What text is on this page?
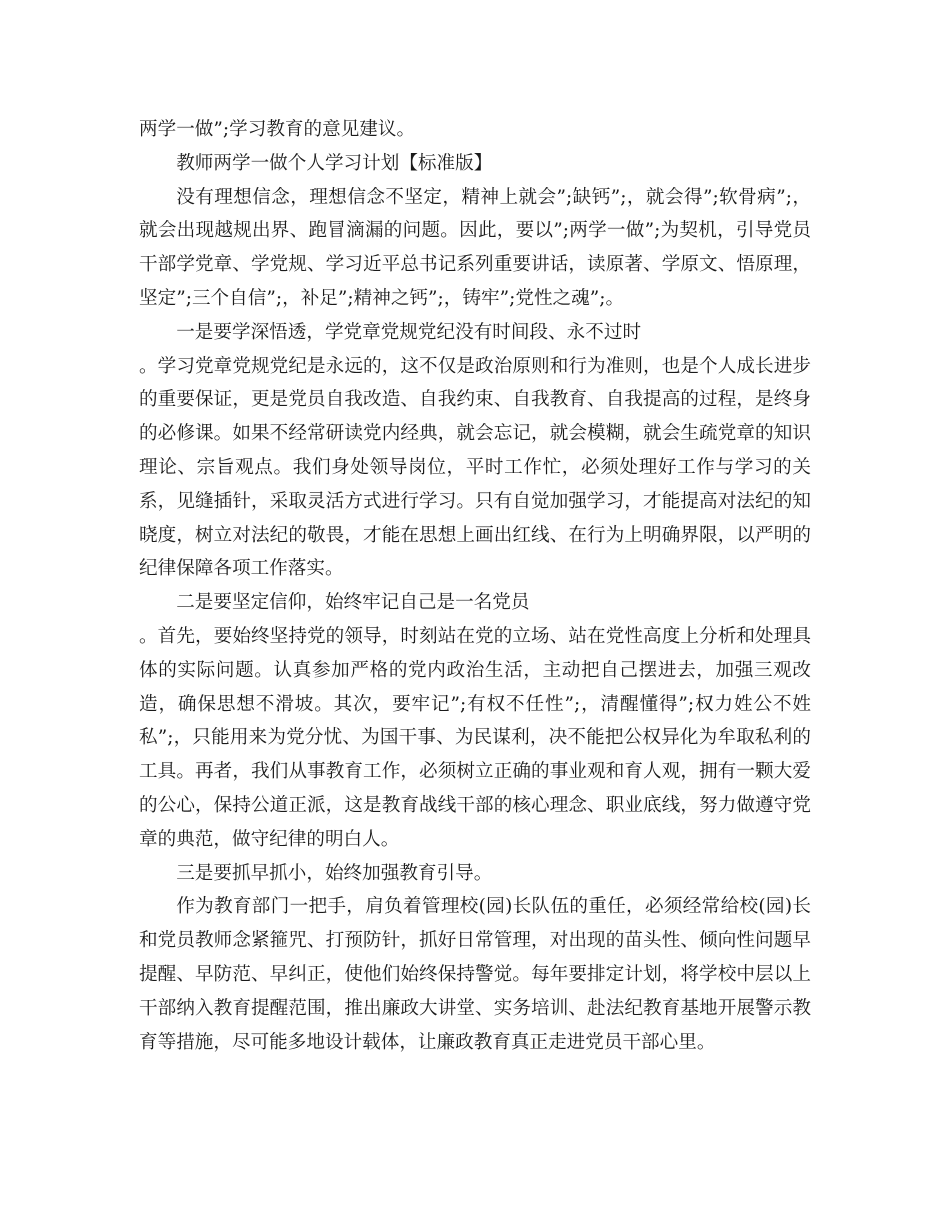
两学一做”;学习教育的意见建议。

教师两学一做个人学习计划【标准版】

没有理想信念，理想信念不坚定，精神上就会”;缺钙”;，就会得”;软骨病”;，就会出现越规出界、跑冒滴漏的问题。因此，要以”;两学一做”;为契机，引导党员干部学党章、学党规、学习近平总书记系列重要讲话，读原著、学原文、悟原理，坚定”;三个自信”;，补足”;精神之钙”;，铸牢”;党性之魂”;。

一是要学深悟透，学党章党规党纪没有时间段、永不过时

。学习党章党规党纪是永远的，这不仅是政治原则和行为准则，也是个人成长进步的重要保证，更是党员自我改造、自我约束、自我教育、自我提高的过程，是终身的必修课。如果不经常研读党内经典，就会忘记，就会模糊，就会生疏党章的知识理论、宗旨观点。我们身处领导岗位，平时工作忙，必须处理好工作与学习的关系，见缝插针，采取灵活方式进行学习。只有自觉加强学习，才能提高对法纪的知晓度，树立对法纪的敬畏，才能在思想上画出红线、在行为上明确界限，以严明的纪律保障各项工作落实。

二是要坚定信仰，始终牢记自己是一名党员

。首先，要始终坚持党的领导，时刻站在党的立场、站在党性高度上分析和处理具体的实际问题。认真参加严格的党内政治生活，主动把自己摆进去，加强三观改造，确保思想不滑坡。其次，要牢记”;有权不任性”;，清醒懂得”;权力姓公不姓私”;，只能用来为党分忧、为国干事、为民谋利，决不能把公权异化为牟取私利的工具。再者，我们从事教育工作，必须树立正确的事业观和育人观，拥有一颗大爱的公心，保持公道正派，这是教育战线干部的核心理念、职业底线，努力做遵守党章的典范，做守纪律的明白人。

三是要抓早抓小，始终加强教育引导。

作为教育部门一把手，肩负着管理校(园)长队伍的重任，必须经常给校(园)长和党员教师念紧箍咒、打预防针，抓好日常管理，对出现的苗头性、倾向性问题早提醒、早防范、早纠正，使他们始终保持警觉。每年要排定计划，将学校中层以上干部纳入教育提醒范围，推出廉政大讲堂、实务培训、赴法纪教育基地开展警示教育等措施，尽可能多地设计载体，让廉政教育真正走进党员干部心里。
